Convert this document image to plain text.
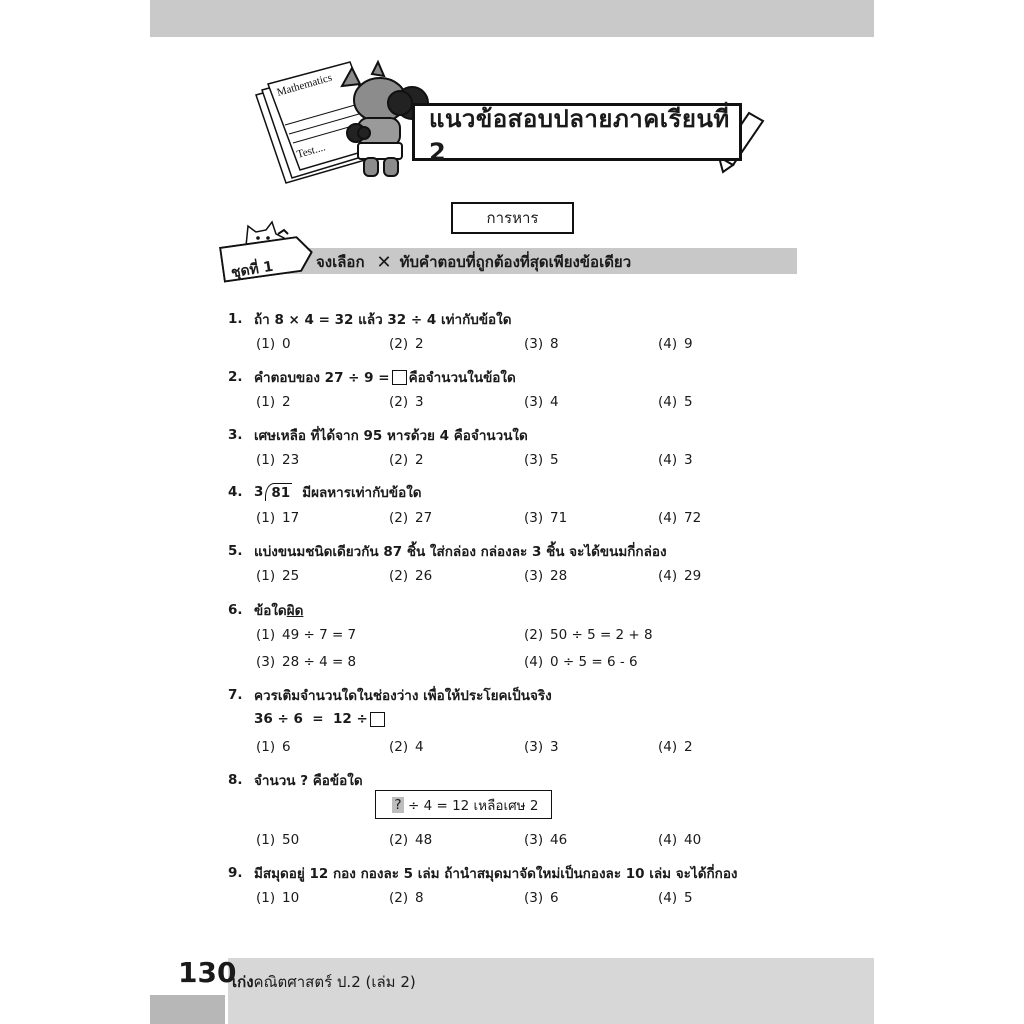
Mathematics
Test....
แนวข้อสอบปลายภาคเรียนที่ 2
การหาร
ชุดที่ 1	จงเลือก ✕ ทับคำตอบที่ถูกต้องที่สุดเพียงข้อเดียว
1. ถ้า 8 × 4 = 32 แล้ว 32 ÷ 4 เท่ากับข้อใด
(1) 0	(2) 2	(3) 8	(4) 9
2. คำตอบของ 27 ÷ 9 = คือจำนวนในข้อใด
(1) 2	(2) 3	(3) 4	(4) 5
3. เศษเหลือ ที่ได้จาก 95 หารด้วย 4 คือจำนวนใด
(1) 23	(2) 2	(3) 5	(4) 3
4. 3 81 มีผลหารเท่ากับข้อใด
(1) 17	(2) 27	(3) 71	(4) 72
5. แบ่งขนมชนิดเดียวกัน 87 ชิ้น ใส่กล่อง กล่องละ 3 ชิ้น จะได้ขนมกี่กล่อง
(1) 25	(2) 26	(3) 28	(4) 29
6. ข้อใด ผิด
(1) 49 ÷ 7 = 7	(2) 50 ÷ 5 = 2 + 8
(3) 28 ÷ 4 = 8	(4) 0 ÷ 5 = 6 - 6
7. ควรเติมจำนวนใดในช่องว่าง เพื่อให้ประโยคเป็นจริง
36 ÷ 6  =  12 ÷
(1) 6	(2) 4	(3) 3	(4) 2
8. จำนวน ? คือข้อใด
? ÷ 4 = 12 เหลือเศษ 2
(1) 50	(2) 48	(3) 46	(4) 40
9. มีสมุดอยู่ 12 กอง กองละ 5 เล่ม ถ้านำสมุดมาจัดใหม่เป็นกองละ 10 เล่ม จะได้กี่กอง
(1) 10	(2) 8	(3) 6	(4) 5
130
เก่งคณิตศาสตร์ ป.2 (เล่ม 2)
